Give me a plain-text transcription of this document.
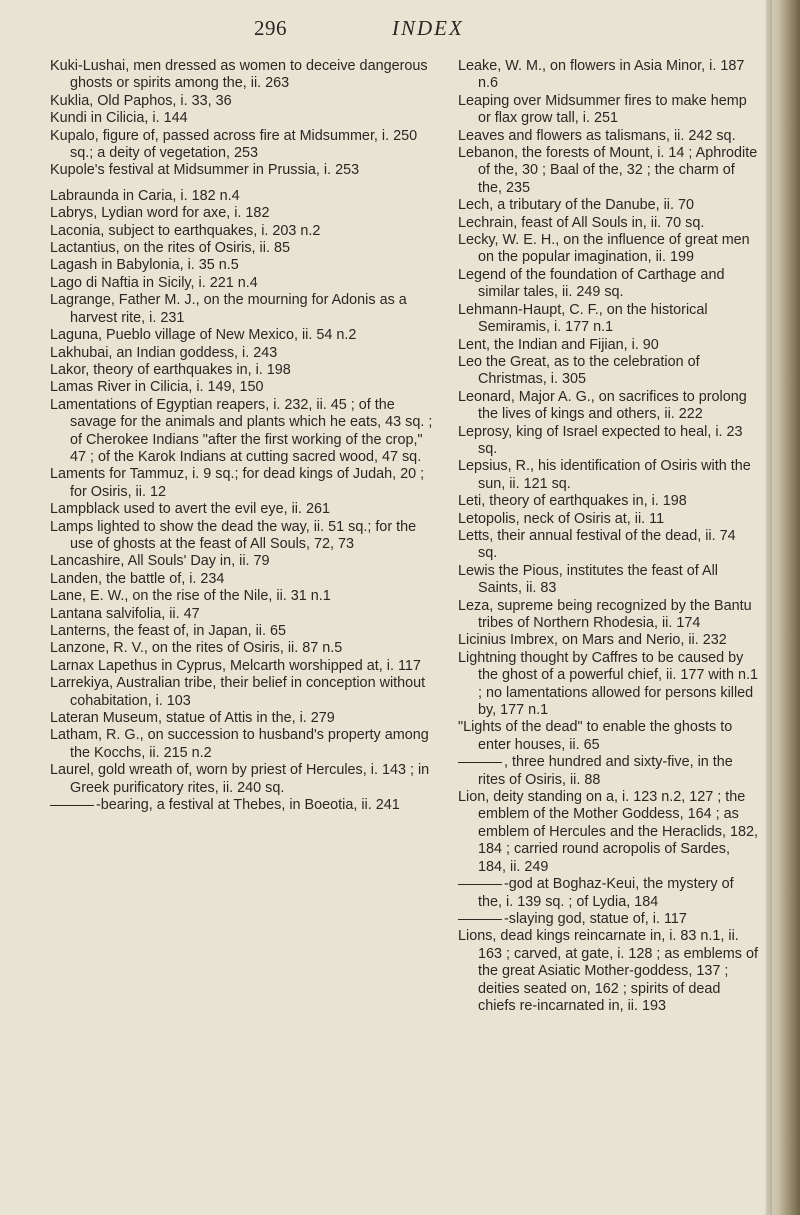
296	INDEX

Kuki-Lushai, men dressed as women to deceive dangerous ghosts or spirits among the, ii. 263

Kuklia, Old Paphos, i. 33, 36

Kundi in Cilicia, i. 144

Kupalo, figure of, passed across fire at Midsummer, i. 250 sq.; a deity of vegetation, 253

Kupole's festival at Midsummer in Prussia, i. 253

Labraunda in Caria, i. 182 n.4

Labrys, Lydian word for axe, i. 182

Laconia, subject to earthquakes, i. 203 n.2

Lactantius, on the rites of Osiris, ii. 85

Lagash in Babylonia, i. 35 n.5

Lago di Naftia in Sicily, i. 221 n.4

Lagrange, Father M. J., on the mourning for Adonis as a harvest rite, i. 231

Laguna, Pueblo village of New Mexico, ii. 54 n.2

Lakhubai, an Indian goddess, i. 243

Lakor, theory of earthquakes in, i. 198

Lamas River in Cilicia, i. 149, 150

Lamentations of Egyptian reapers, i. 232, ii. 45 ; of the savage for the animals and plants which he eats, 43 sq. ; of Cherokee Indians "after the first working of the crop," 47 ; of the Karok Indians at cutting sacred wood, 47 sq.

Laments for Tammuz, i. 9 sq.; for dead kings of Judah, 20 ; for Osiris, ii. 12

Lampblack used to avert the evil eye, ii. 261

Lamps lighted to show the dead the way, ii. 51 sq.; for the use of ghosts at the feast of All Souls, 72, 73

Lancashire, All Souls' Day in, ii. 79

Landen, the battle of, i. 234

Lane, E. W., on the rise of the Nile, ii. 31 n.1

Lantana salvifolia, ii. 47

Lanterns, the feast of, in Japan, ii. 65

Lanzone, R. V., on the rites of Osiris, ii. 87 n.5

Larnax Lapethus in Cyprus, Melcarth worshipped at, i. 117

Larrekiya, Australian tribe, their belief in conception without cohabitation, i. 103

Lateran Museum, statue of Attis in the, i. 279

Latham, R. G., on succession to husband's property among the Kocchs, ii. 215 n.2

Laurel, gold wreath of, worn by priest of Hercules, i. 143 ; in Greek purificatory rites, ii. 240 sq.

-bearing, a festival at Thebes, in Boeotia, ii. 241

Leake, W. M., on flowers in Asia Minor, i. 187 n.6

Leaping over Midsummer fires to make hemp or flax grow tall, i. 251

Leaves and flowers as talismans, ii. 242 sq.

Lebanon, the forests of Mount, i. 14 ; Aphrodite of the, 30 ; Baal of the, 32 ; the charm of the, 235

Lech, a tributary of the Danube, ii. 70

Lechrain, feast of All Souls in, ii. 70 sq.

Lecky, W. E. H., on the influence of great men on the popular imagination, ii. 199

Legend of the foundation of Carthage and similar tales, ii. 249 sq.

Lehmann-Haupt, C. F., on the historical Semiramis, i. 177 n.1

Lent, the Indian and Fijian, i. 90

Leo the Great, as to the celebration of Christmas, i. 305

Leonard, Major A. G., on sacrifices to prolong the lives of kings and others, ii. 222

Leprosy, king of Israel expected to heal, i. 23 sq.

Lepsius, R., his identification of Osiris with the sun, ii. 121 sq.

Leti, theory of earthquakes in, i. 198

Letopolis, neck of Osiris at, ii. 11

Letts, their annual festival of the dead, ii. 74 sq.

Lewis the Pious, institutes the feast of All Saints, ii. 83

Leza, supreme being recognized by the Bantu tribes of Northern Rhodesia, ii. 174

Licinius Imbrex, on Mars and Nerio, ii. 232

Lightning thought by Caffres to be caused by the ghost of a powerful chief, ii. 177 with n.1 ; no lamentations allowed for persons killed by, 177 n.1

"Lights of the dead" to enable the ghosts to enter houses, ii. 65

, three hundred and sixty-five, in the rites of Osiris, ii. 88

Lion, deity standing on a, i. 123 n.2, 127 ; the emblem of the Mother Goddess, 164 ; as emblem of Hercules and the Heraclids, 182, 184 ; carried round acropolis of Sardes, 184, ii. 249

-god at Boghaz-Keui, the mystery of the, i. 139 sq. ; of Lydia, 184

-slaying god, statue of, i. 117

Lions, dead kings reincarnate in, i. 83 n.1, ii. 163 ; carved, at gate, i. 128 ; as emblems of the great Asiatic Mother-goddess, 137 ; deities seated on, 162 ; spirits of dead chiefs re-incarnated in, ii. 193
